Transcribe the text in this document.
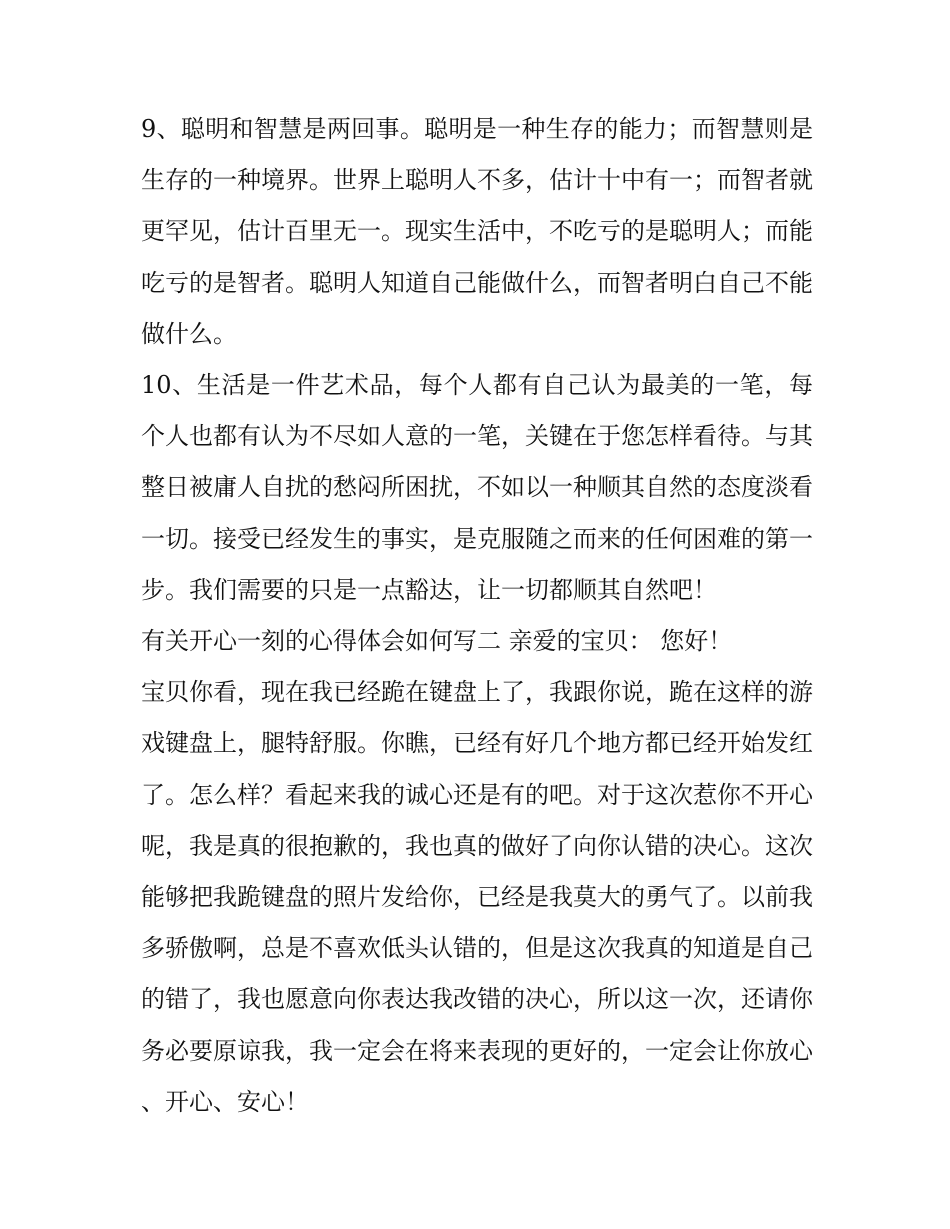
9、聪明和智慧是两回事。聪明是一种生存的能力；而智慧则是生存的一种境界。世界上聪明人不多，估计十中有一；而智者就更罕见，估计百里无一。现实生活中，不吃亏的是聪明人；而能吃亏的是智者。聪明人知道自己能做什么，而智者明白自己不能做什么。

10、生活是一件艺术品，每个人都有自己认为最美的一笔，每个人也都有认为不尽如人意的一笔，关键在于您怎样看待。与其整日被庸人自扰的愁闷所困扰，不如以一种顺其自然的态度淡看一切。接受已经发生的事实，是克服随之而来的任何困难的第一步。我们需要的只是一点豁达，让一切都顺其自然吧！

有关开心一刻的心得体会如何写二 亲爱的宝贝： 您好！

宝贝你看，现在我已经跪在键盘上了，我跟你说，跪在这样的游戏键盘上，腿特舒服。你瞧，已经有好几个地方都已经开始发红了。怎么样？看起来我的诚心还是有的吧。对于这次惹你不开心呢，我是真的很抱歉的，我也真的做好了向你认错的决心。这次能够把我跪键盘的照片发给你，已经是我莫大的勇气了。以前我多骄傲啊，总是不喜欢低头认错的，但是这次我真的知道是自己的错了，我也愿意向你表达我改错的决心，所以这一次，还请你务必要原谅我，我一定会在将来表现的更好的，一定会让你放心、开心、安心！
